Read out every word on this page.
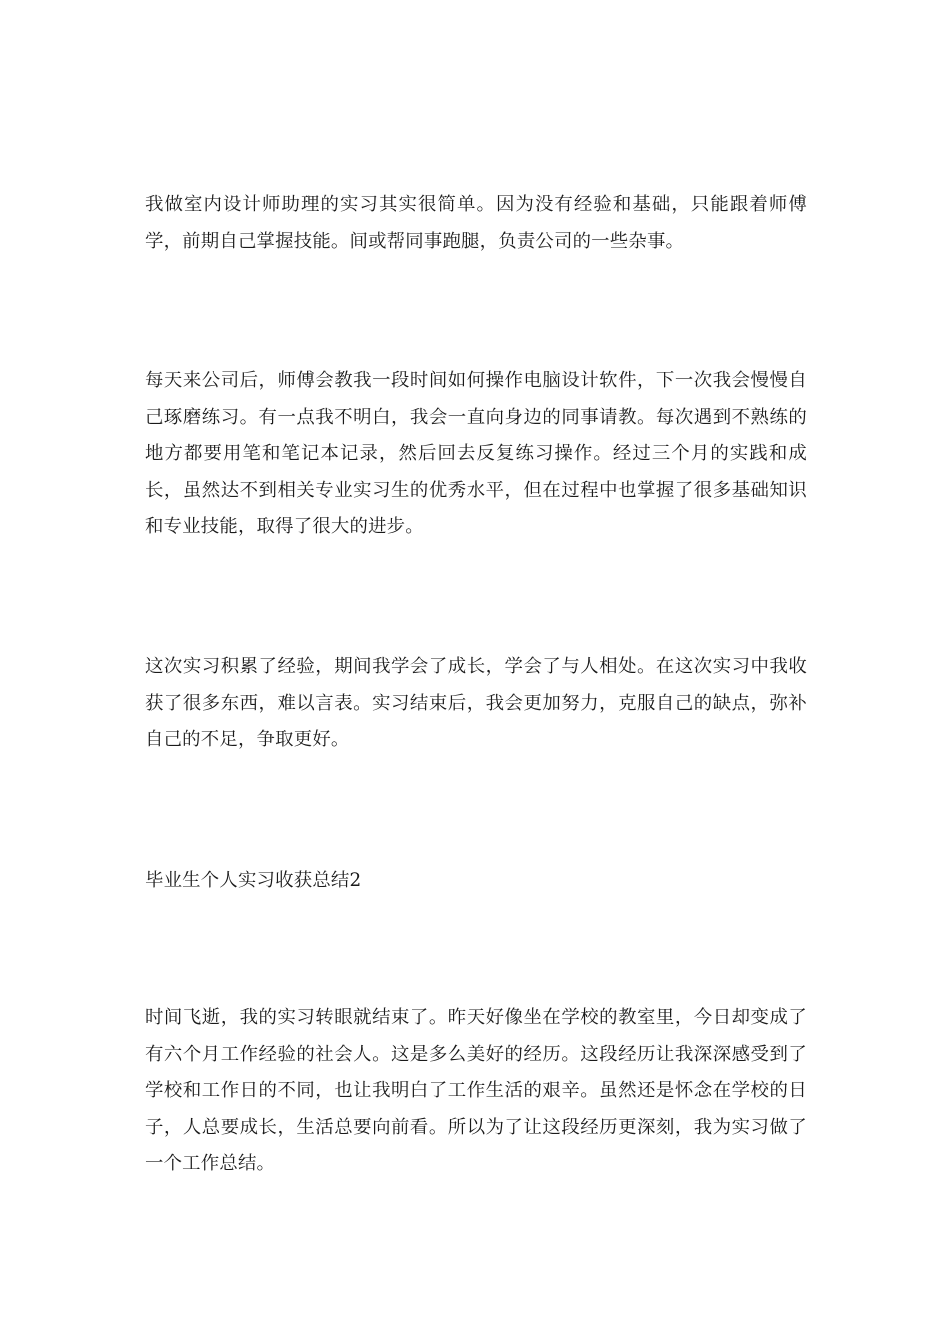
我做室内设计师助理的实习其实很简单。因为没有经验和基础，只能跟着师傅学，前期自己掌握技能。间或帮同事跑腿，负责公司的一些杂事。

每天来公司后，师傅会教我一段时间如何操作电脑设计软件，下一次我会慢慢自己琢磨练习。有一点我不明白，我会一直向身边的同事请教。每次遇到不熟练的地方都要用笔和笔记本记录，然后回去反复练习操作。经过三个月的实践和成长，虽然达不到相关专业实习生的优秀水平，但在过程中也掌握了很多基础知识和专业技能，取得了很大的进步。

这次实习积累了经验，期间我学会了成长，学会了与人相处。在这次实习中我收获了很多东西，难以言表。实习结束后，我会更加努力，克服自己的缺点，弥补自己的不足，争取更好。

毕业生个人实习收获总结2

时间飞逝，我的实习转眼就结束了。昨天好像坐在学校的教室里，今日却变成了有六个月工作经验的社会人。这是多么美好的经历。这段经历让我深深感受到了学校和工作日的不同，也让我明白了工作生活的艰辛。虽然还是怀念在学校的日子，人总要成长，生活总要向前看。所以为了让这段经历更深刻，我为实习做了一个工作总结。
